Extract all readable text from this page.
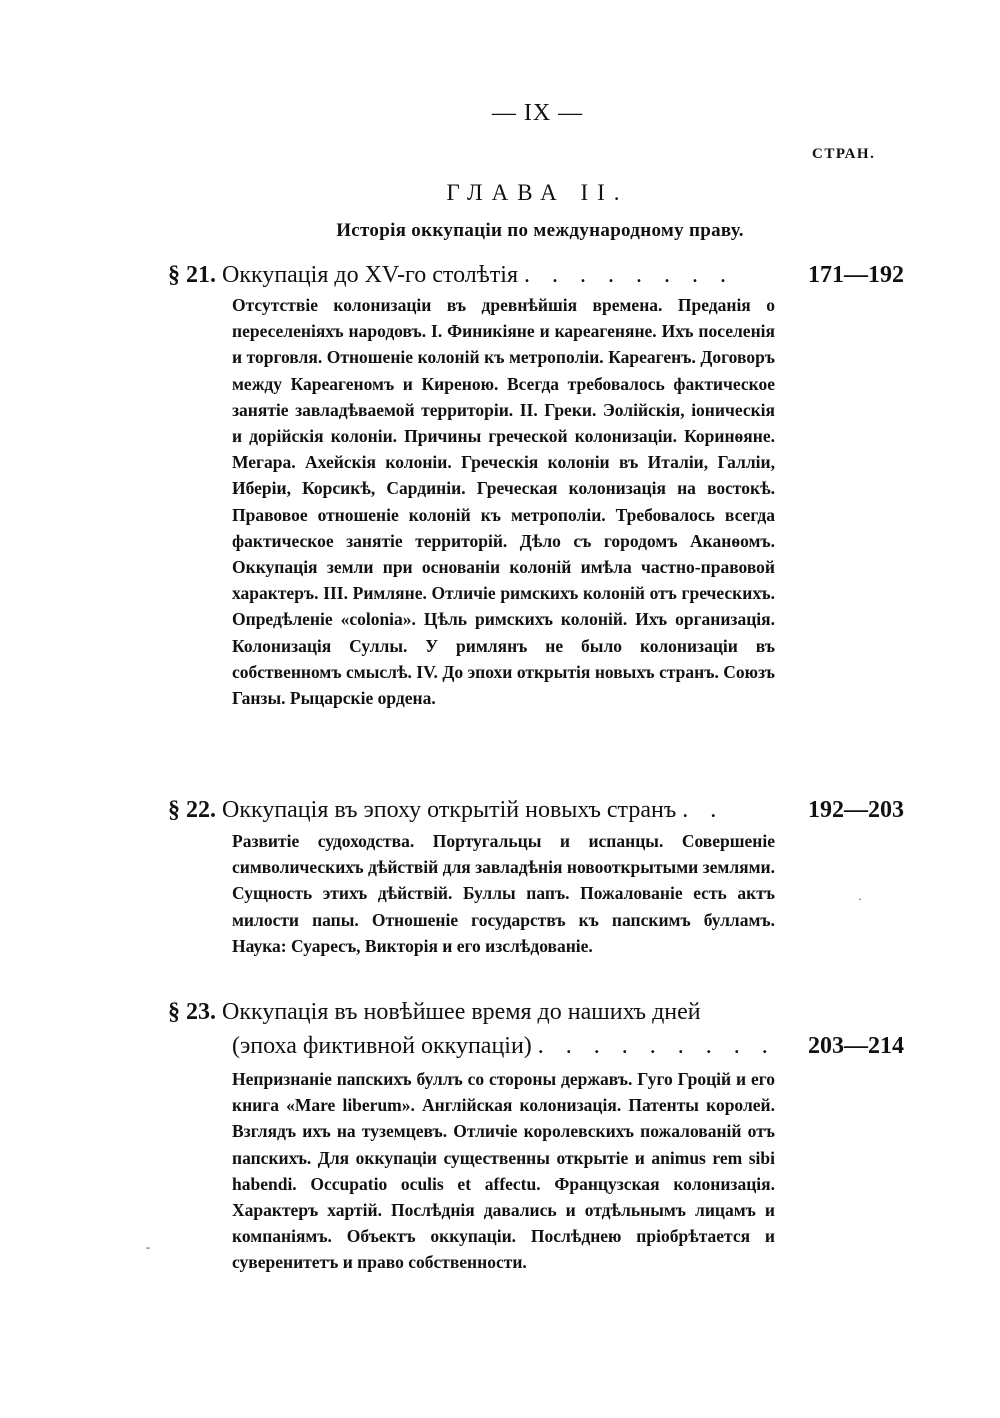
— IX —
СТРАН.
ГЛАВА II.
Исторія оккупаціи по международному праву.
§ 21. Оккупація до XV-го столѣтія . . . . . . . .	171—192
Отсутствіе колонизаціи въ древнѣйшія времена. Преданія о переселеніяхъ народовъ. I. Финикіяне и кареагеняне. Ихъ поселенія и торговля. Отношеніе колоній къ метрополіи. Кареагенъ. Договоръ между Кареагеномъ и Киреною. Всегда требовалось фактическое занятіе завладѣваемой территоріи. II. Греки. Эолійскія, іоническія и дорійскія колоніи. Причины греческой колонизаціи. Коринѳяне. Мегара. Ахейскія колоніи. Греческія колоніи въ Италіи, Галліи, Иберіи, Корсикѣ, Сардиніи. Греческая колонизація на востокѣ. Правовое отношеніе колоній къ метрополіи. Требовалось всегда фактическое занятіе территорій. Дѣло съ городомъ Аканѳомъ. Оккупація земли при основаніи колоній имѣла частно-правовой характеръ. III. Римляне. Отличіе римскихъ колоній отъ греческихъ. Опредѣленіе «colonia». Цѣль римскихъ колоній. Ихъ организація. Колонизація Суллы. У римлянъ не было колонизаціи въ собственномъ смыслѣ. IV. До эпохи открытія новыхъ странъ. Союзъ Ганзы. Рыцарскіе ордена.
§ 22. Оккупація въ эпоху открытій новыхъ странъ . .	192—203
Развитіе судоходства. Португальцы и испанцы. Совершеніе символическихъ дѣйствій для завладѣнія новооткрытыми землями. Сущность этихъ дѣйствій. Буллы папъ. Пожалованіе есть актъ милости папы. Отношеніе государствъ къ папскимъ булламъ. Наука: Суаресъ, Викторія и его изслѣдованіе.
§ 23. Оккупація въ новѣйшее время до нашихъ дней
(эпоха фиктивной оккупаціи) . . . . . . . . . 203—214
Непризнаніе папскихъ буллъ со стороны державъ. Гуго Гроцій и его книга «Mare liberum». Англійская колонизація. Патенты королей. Взглядъ ихъ на туземцевъ. Отличіе королевскихъ пожалованій отъ папскихъ. Для оккупаціи существенны открытіе и animus rem sibi habendi. Occupatio oculis et affectu. Французская колонизація. Характеръ хартій. Послѣднія давались и отдѣльнымъ лицамъ и компаніямъ. Объектъ оккупаціи. Послѣднею пріобрѣтается и суверенитетъ и право собственности.
·
-
